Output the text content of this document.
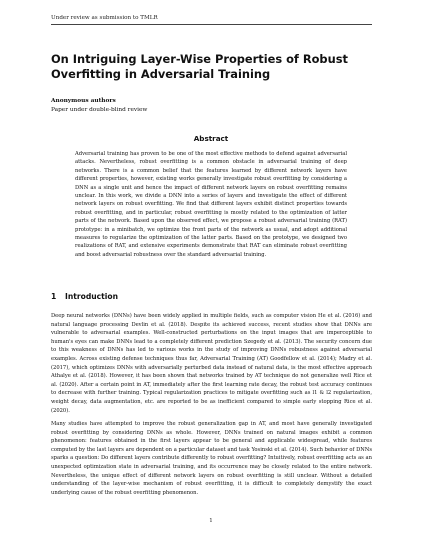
Under review as submission to TMLR
On Intriguing Layer-Wise Properties of Robust Overfitting in Adversarial Training
Anonymous authors
Paper under double-blind review
Abstract
Adversarial training has proven to be one of the most effective methods to defend against adversarial attacks. Nevertheless, robust overfitting is a common obstacle in adversarial training of deep networks. There is a common belief that the features learned by different network layers have different properties, however, existing works generally investigate robust overfitting by considering a DNN as a single unit and hence the impact of different network layers on robust overfitting remains unclear. In this work, we divide a DNN into a series of layers and investigate the effect of different network layers on robust overfitting. We find that different layers exhibit distinct properties towards robust overfitting, and in particular, robust overfitting is mostly related to the optimization of latter parts of the network. Based upon the observed effect, we propose a robust adversarial training (RAT) prototype: in a minibatch, we optimize the front parts of the network as usual, and adopt additional measures to regularize the optimization of the latter parts. Based on the prototype, we designed two realizations of RAT, and extensive experiments demonstrate that RAT can eliminate robust overfitting and boost adversarial robustness over the standard adversarial training.
1 Introduction
Deep neural networks (DNNs) have been widely applied in multiple fields, such as computer vision He et al. (2016) and natural language processing Devlin et al. (2018). Despite its achieved success, recent studies show that DNNs are vulnerable to adversarial examples. Well-constructed perturbations on the input images that are imperceptible to human's eyes can make DNNs lead to a completely different prediction Szegedy et al. (2013). The security concern due to this weakness of DNNs has led to various works in the study of improving DNNs robustness against adversarial examples. Across existing defense techniques thus far, Adversarial Training (AT) Goodfellow et al. (2014); Madry et al. (2017), which optimizes DNNs with adversarially perturbed data instead of natural data, is the most effective approach Athalye et al. (2018). However, it has been shown that networks trained by AT technique do not generalize well Rice et al. (2020). After a certain point in AT, immediately after the first learning rate decay, the robust test accuracy continues to decrease with further training. Typical regularization practices to mitigate overfitting such as l1 & l2 regularization, weight decay, data augmentation, etc. are reported to be as inefficient compared to simple early stopping Rice et al. (2020).
Many studies have attempted to improve the robust generalization gap in AT, and most have generally investigated robust overfitting by considering DNNs as whole. However, DNNs trained on natural images exhibit a common phenomenon: features obtained in the first layers appear to be general and applicable widespread, while features computed by the last layers are dependent on a particular dataset and task Yosinski et al. (2014). Such behavior of DNNs sparks a question: Do different layers contribute differently to robust overfitting? Intuitively, robust overfitting acts as an unexpected optimization state in adversarial training, and its occurrence may be closely related to the entire network. Nevertheless, the unique effect of different network layers on robust overfitting is still unclear. Without a detailed understanding of the layer-wise mechanism of robust overfitting, it is difficult to completely demystify the exact underlying cause of the robust overfitting phenomenon.
1
